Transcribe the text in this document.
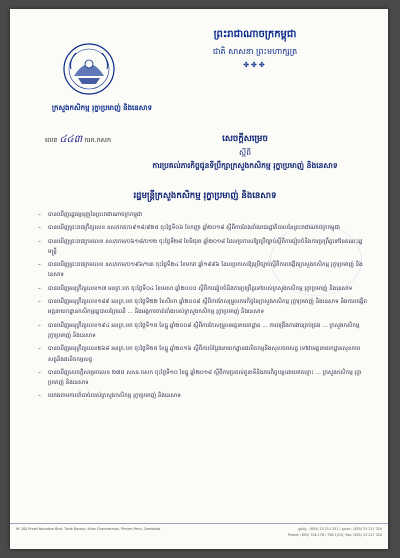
ព្រះរាជាណាចក្រកម្ពុជា
ជាតិ សាសនា ព្រះមហាក្សត្រ
✤✤✤
ក្រសួងកសិកម្ម រុក្ខាប្រមាញ់ និងនេសាទ
លេខ ៤៤៣ ករក.កសក	សេចក្តីសម្រេច
ស្តីពី
ការប្រគល់ភារកិច្ចជូនទីប្រឹក្សាក្រសួងកសិកម្ម រុក្ខាប្រមាញ់ និងនេសាទ
រដ្ឋមន្រ្តីក្រសួងកសិកម្ម រុក្ខាប្រមាញ់ និងនេសាទ
– បានឃើញរដ្ឋធម្មនុញ្ញនៃព្រះរាជាណាចក្រកម្ពុជា
– បានឃើញព្រះរាជក្រឹត្យលេខ នស/រកត/០៩១៨/៩២៥ ចុះថ្ងៃទី០៦ ខែកញ្ញា ឆ្នាំ២០១៨ ស្តីពីការតែងតាំងរាជរដ្ឋាភិបាលនៃព្រះរាជាណាចក្រកម្ពុជា
– បានឃើញព្រះរាជក្រមលេខ នស/រកម/០៦១៨/០១២ ចុះថ្ងៃទី២៨ ខែមិថុនា ឆ្នាំ២០១៨ ដែលប្រកាសឱ្យប្រើច្បាប់ស្តីពីការរៀបចំនិងការប្រព្រឹត្តទៅនៃគណៈរដ្ឋមន្ត្រី
– បានឃើញព្រះរាជក្រមលេខ នស/រកម/០១៩៦/១៣ ចុះថ្ងៃទី២៤ ខែមករា ឆ្នាំ១៩៩៦ ដែលប្រកាសឱ្យប្រើច្បាប់ស្តីពីការបង្កើតក្រសួងកសិកម្ម រុក្ខាប្រមាញ់ និងនេសាទ
– បានឃើញអនុក្រឹត្យលេខ១៧ អនក្រ.បក ចុះថ្ងៃទី០៤ ខែមេសា ឆ្នាំ២០០០ ស្តីពីការរៀបចំនិងការប្រព្រឹត្តទៅរបស់ក្រសួងកសិកម្ម រុក្ខាប្រមាញ់ និងនេសាទ
– បានឃើញអនុក្រឹត្យលេខ១៨៩ អនក្រ.បក ចុះថ្ងៃទី២២ ខែសីហា ឆ្នាំ២០០៨ ស្តីពីការកែសម្រួលភារកិច្ចនៃក្រសួងកសិកម្ម រុក្ខាប្រមាញ់ និងនេសាទ និងការបង្កើតអគ្គនាយកដ្ឋានកសិកម្មរដ្ឋបាលព្រៃឈើ ... និងអង្គការចាត់តាំងរបស់ក្រសួងកសិកម្ម រុក្ខាប្រមាញ់ និងនេសាទ
– បានឃើញអនុក្រឹត្យលេខ១៩៤ អនក្រ.បក ចុះថ្ងៃទី១៥ ខែធ្នូ ឆ្នាំ២០០៨ ស្តីពីការកែសម្រួលអគ្គនាយកដ្ឋាន ... ការពង្រឹងការងារគ្រប់គ្រង ... ក្រសួងកសិកម្ម រុក្ខាប្រមាញ់ និងនេសាទ
– បានឃើញអនុក្រឹត្យលេខ២៦៨ អនក្រ.បក ចុះថ្ងៃទី២៥ ខែធ្នូ ឆ្នាំ២០១៦ ស្តីពីការបំប្លែងនាយកដ្ឋានផលិតកម្មនិងសុខភាពសត្វ ទៅជាអគ្គនាយកដ្ឋានសុខភាពសត្វនិងផលិតកម្មសត្វ
– បានឃើញសេចក្តីសម្រេចលេខ ២៧៥ សសរ.កសក ចុះថ្ងៃទី១០ ខែធ្នូ ឆ្នាំ២០១៨ ស្តីពីការប្រគល់តួនាទីនិងភារកិច្ចបន្តដោយឥតខ្ចោះ ... ក្រសួងកសិកម្ម រុក្ខាប្រមាញ់ និងនេសាទ
– យោងតាមការចាំបាច់របស់ក្រសួងកសិកម្ម រុក្ខាប្រមាញ់ និងនេសាទ
Nº 200 Preah Norodom Blvd, Tonle Bassac, Khan Chamkarmon, Phnom Penh, Cambodia	ទូរស័ព្ទ : (855) 23 211 351 / ទូរសារ : (855) 23 217 320
Phone: (855) 756 178 / 756 1(15), Fax: (855) 23 217 320
